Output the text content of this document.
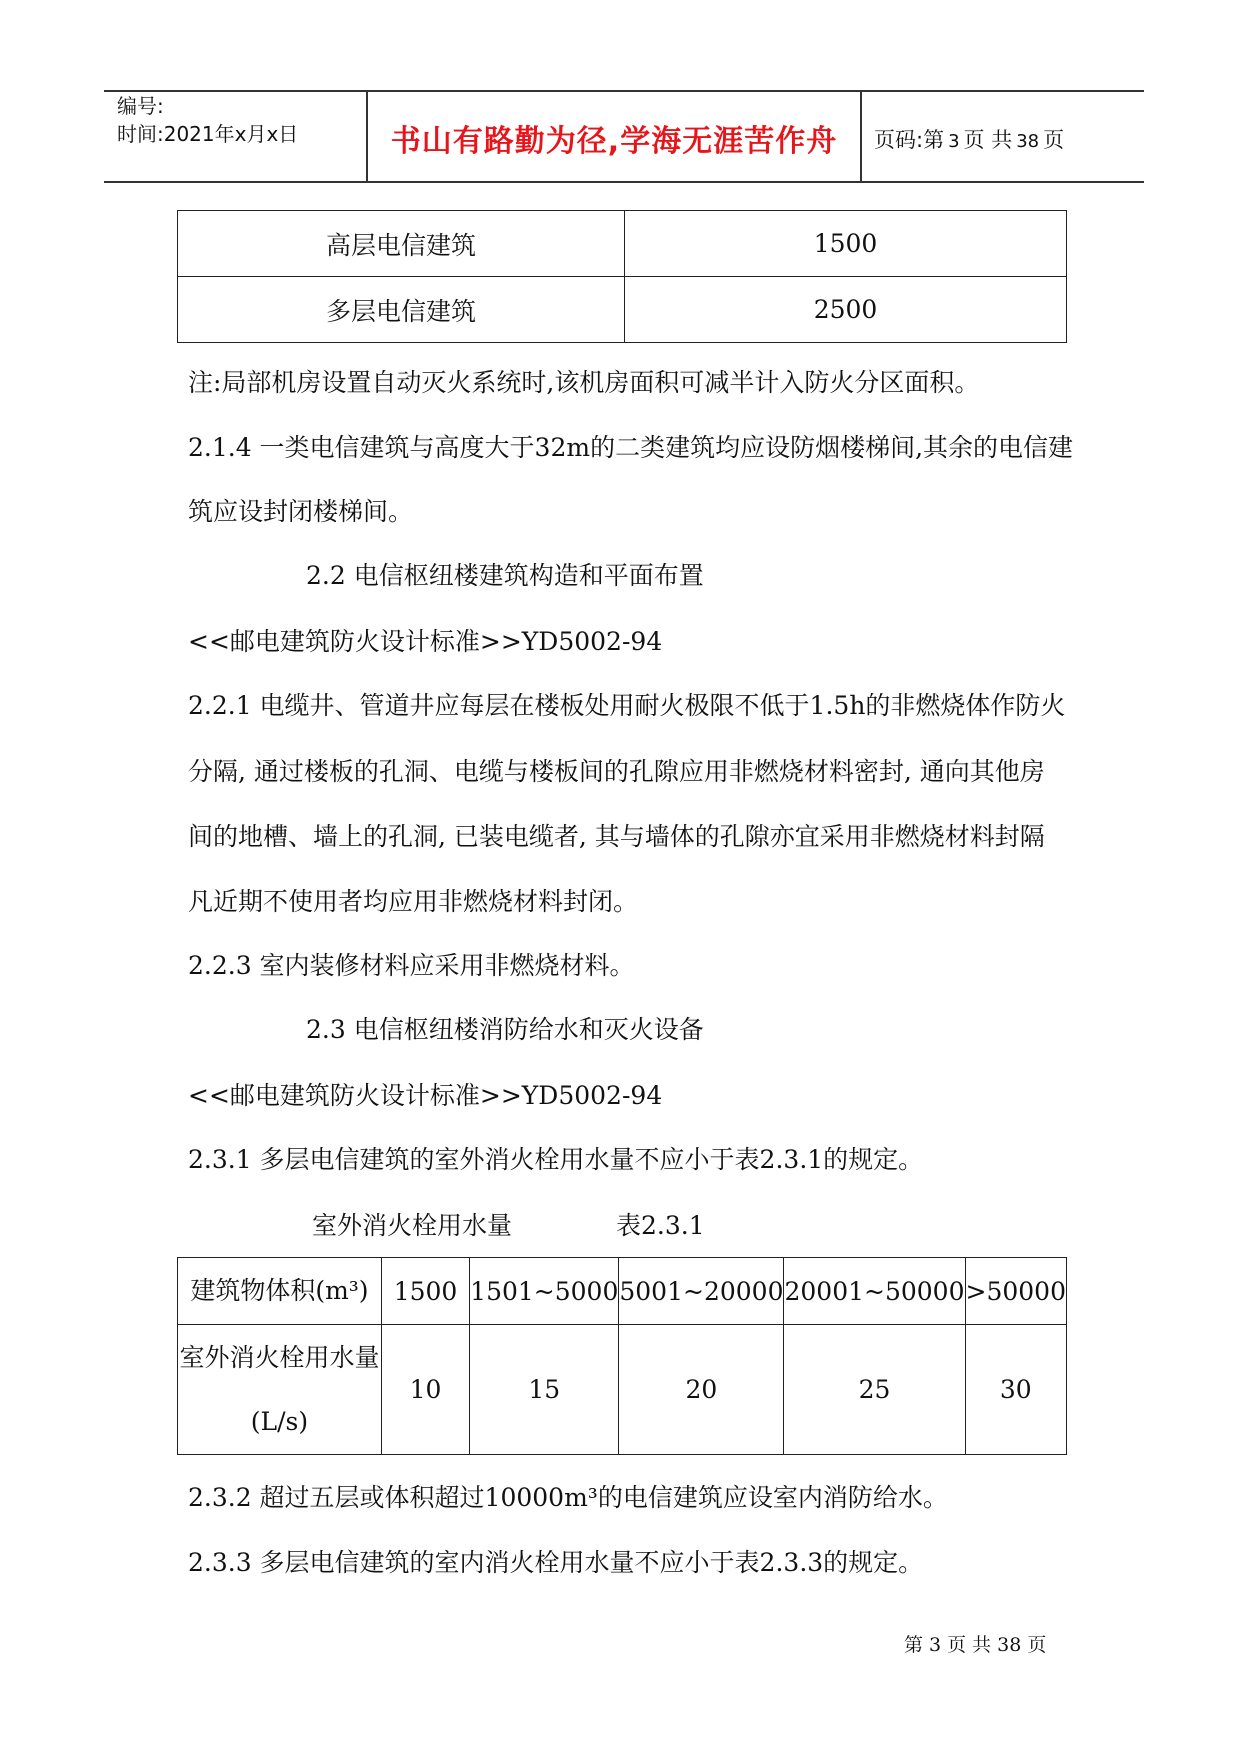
编号:
时间:2021年x月x日	书山有路勤为径,学海无涯苦作舟	页码:第 3 页 共 38 页
高层电信建筑	1500
多层电信建筑	2500
注:局部机房设置自动灭火系统时,该机房面积可减半计入防火分区面积。
2.1.4 一类电信建筑与高度大于32m的二类建筑均应设防烟楼梯间,其余的电信建
筑应设封闭楼梯间。
2.2 电信枢纽楼建筑构造和平面布置
<<邮电建筑防火设计标准>>YD5002-94
2.2.1 电缆井、管道井应每层在楼板处用耐火极限不低于1.5h的非燃烧体作防火
分隔, 通过楼板的孔洞、电缆与楼板间的孔隙应用非燃烧材料密封, 通向其他房
间的地槽、墙上的孔洞, 已装电缆者, 其与墙体的孔隙亦宜采用非燃烧材料封隔
凡近期不使用者均应用非燃烧材料封闭。
2.2.3 室内装修材料应采用非燃烧材料。
2.3 电信枢纽楼消防给水和灭火设备
<<邮电建筑防火设计标准>>YD5002-94
2.3.1 多层电信建筑的室外消火栓用水量不应小于表2.3.1的规定。
室外消火栓用水量	表2.3.1
建筑物体积(m³)	1500	1501~5000	5001~20000	20001~50000	>50000

室外消火栓用水量
(L/s)	10	15	20	25	30
2.3.2 超过五层或体积超过10000m³的电信建筑应设室内消防给水。
2.3.3 多层电信建筑的室内消火栓用水量不应小于表2.3.3的规定。
第 3 页 共 38 页
